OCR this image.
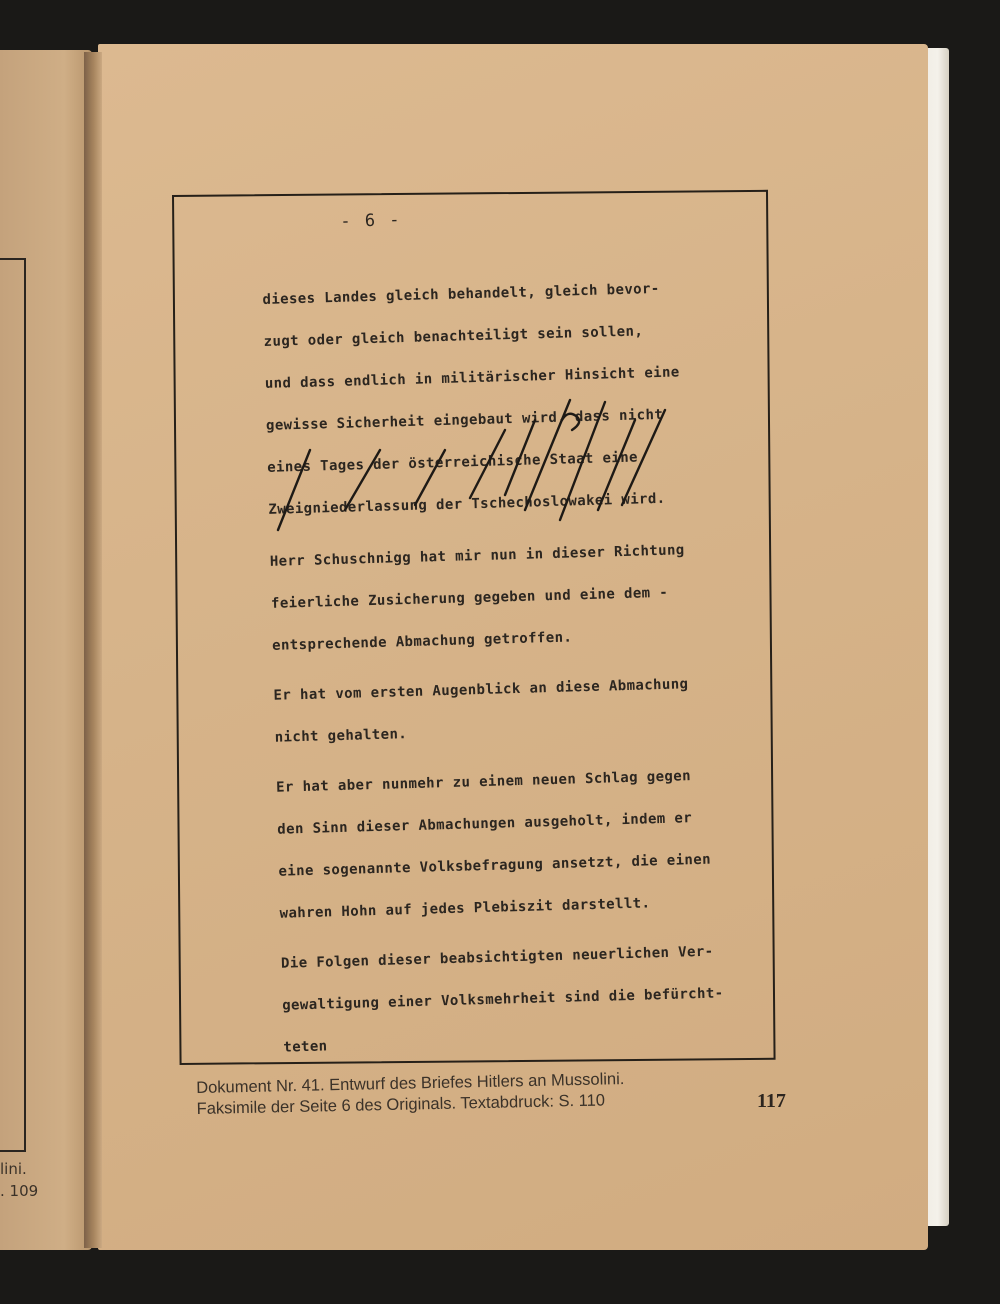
lini.
. 109
- 6 -
dieses Landes gleich behandelt, gleich bevor-
zugt oder gleich benachteiligt sein sollen,
und dass endlich in militärischer Hinsicht eine
gewisse Sicherheit eingebaut wird, dass nicht
eines Tages der österreichische Staat eine
Zweigniederlassung der Tschechoslowakei wird.
Herr Schuschnigg hat mir nun in dieser Richtung
feierliche Zusicherung gegeben und eine dem -
entsprechende Abmachung getroffen.
Er hat vom ersten Augenblick an diese Abmachung
nicht gehalten.
Er hat aber nunmehr zu einem neuen Schlag gegen
den Sinn dieser Abmachungen ausgeholt, indem er
eine sogenannte Volksbefragung ansetzt, die einen
wahren Hohn auf jedes Plebiszit darstellt.
Die Folgen dieser beabsichtigten neuerlichen Ver-
gewaltigung einer Volksmehrheit sind die befürcht-
teten
Dokument Nr. 41. Entwurf des Briefes Hitlers an Mussolini.
Faksimile der Seite 6 des Originals. Textabdruck: S. 110	117
